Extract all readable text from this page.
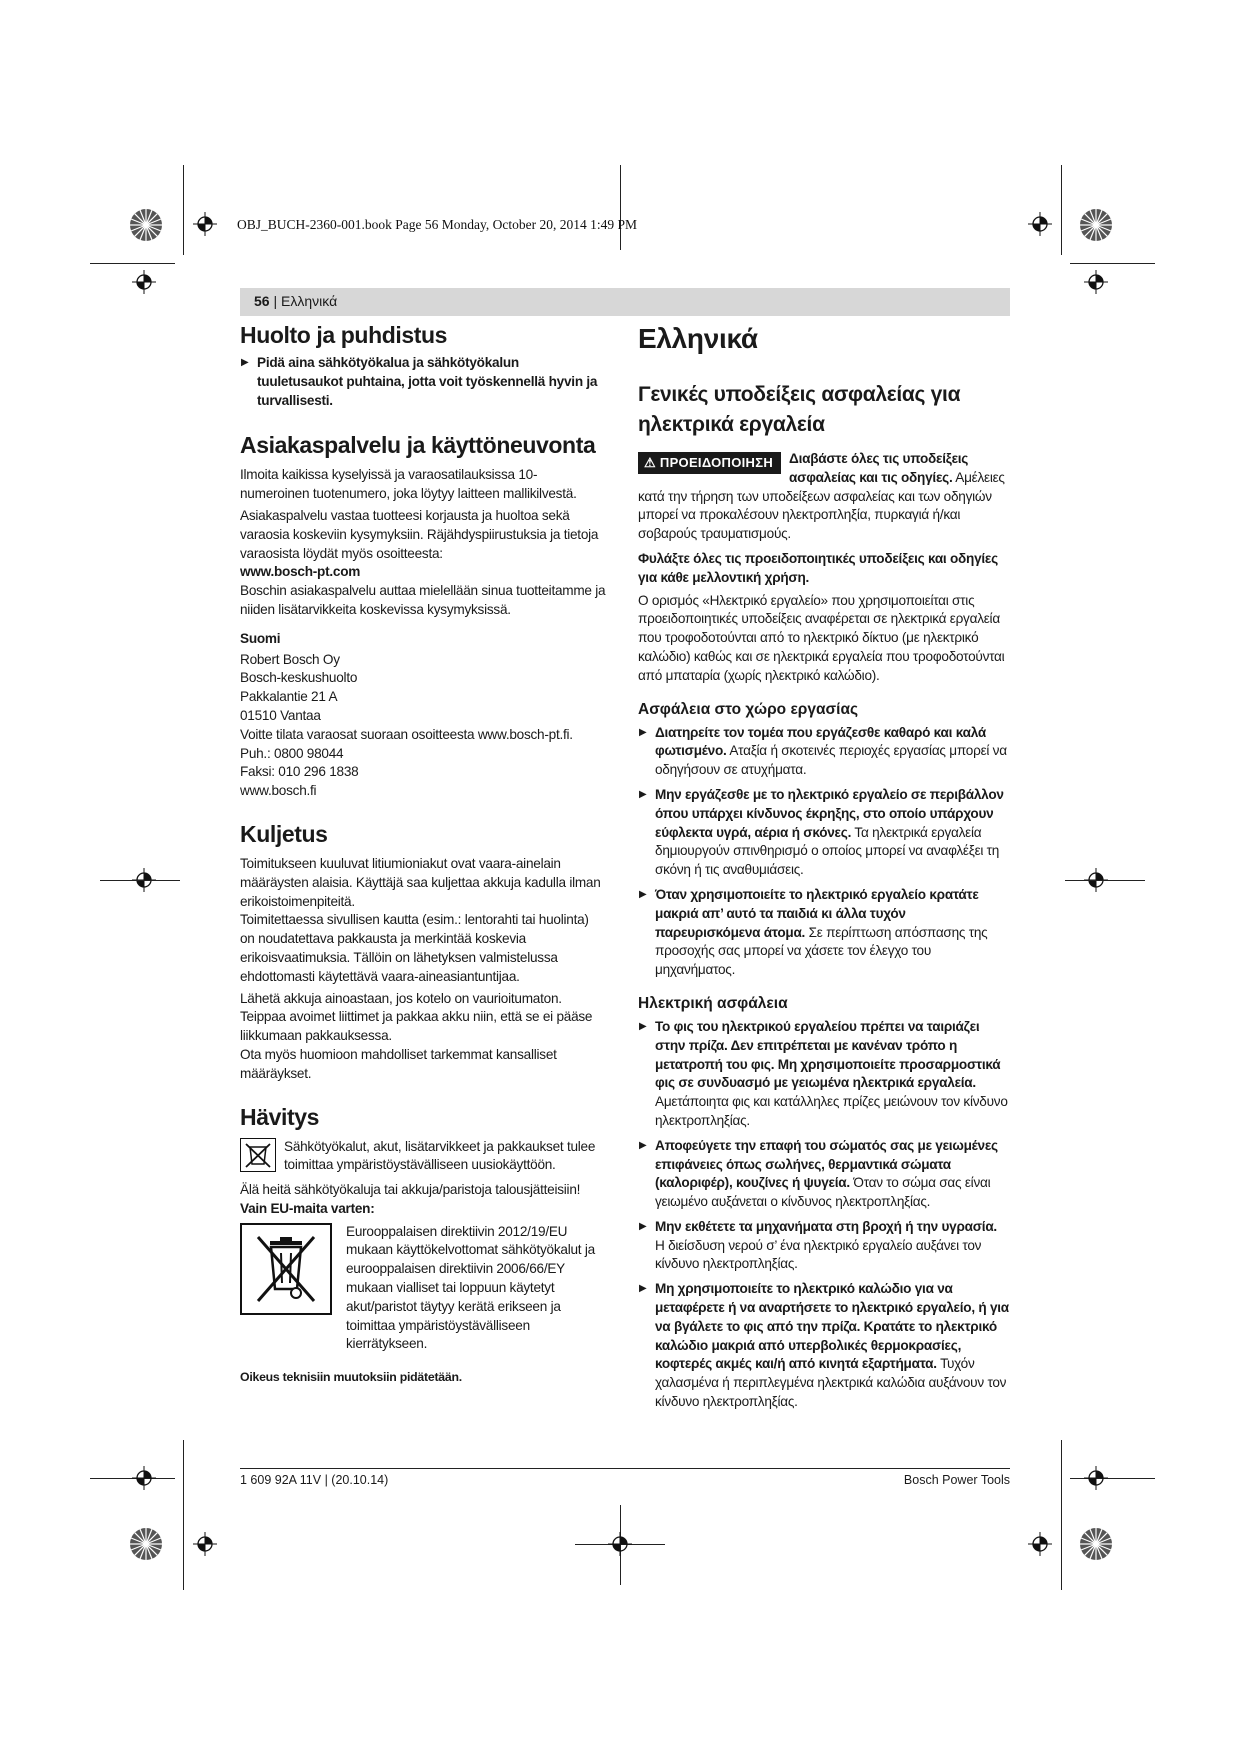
OBJ_BUCH-2360-001.book Page 56 Monday, October 20, 2014 1:49 PM
56 | Ελληνικά
Huolto ja puhdistus
▶ Pidä aina sähkötyökalua ja sähkötyökalun tuuletusaukot puhtaina, jotta voit työskennellä hyvin ja turvallisesti.
Asiakaspalvelu ja käyttöneuvonta

Ilmoita kaikissa kyselyissä ja varaosatilauksissa 10-numeroinen tuotenumero, joka löytyy laitteen mallikilvestä.

Asiakaspalvelu vastaa tuotteesi korjausta ja huoltoa sekä varaosia koskeviin kysymyksiin. Räjähdyspiirustuksia ja tietoja varaosista löydät myös osoitteesta:

www.bosch-pt.com

Boschin asiakaspalvelu auttaa mielellään sinua tuotteitamme ja niiden lisätarvikkeita koskevissa kysymyksissä.

Suomi

Robert Bosch Oy

Bosch-keskushuolto

Pakkalantie 21 A

01510 Vantaa

Voitte tilata varaosat suoraan osoitteesta www.bosch-pt.fi.

Puh.: 0800 98044

Faksi: 010 296 1838

www.bosch.fi

Kuljetus

Toimitukseen kuuluvat litiumioniakut ovat vaara-ainelain määräysten alaisia. Käyttäjä saa kuljettaa akkuja kadulla ilman erikoistoimenpiteitä.

Toimitettaessa sivullisen kautta (esim.: lentorahti tai huolinta) on noudatettava pakkausta ja merkintää koskevia erikoisvaatimuksia. Tällöin on lähetyksen valmistelussa ehdottomasti käytettävä vaara-aineasiantuntijaa.

Lähetä akkuja ainoastaan, jos kotelo on vaurioitumaton. Teippaa avoimet liittimet ja pakkaa akku niin, että se ei pääse liikkumaan pakkauksessa.

Ota myös huomioon mahdolliset tarkemmat kansalliset määräykset.

Hävitys

Sähkötyökalut, akut, lisätarvikkeet ja pakkaukset tulee toimittaa ympäristöystävälliseen uusiokäyttöön.

Älä heitä sähkötyökaluja tai akkuja/paristoja talousjätteisiin!

Vain EU-maita varten:

Eurooppalaisen direktiivin 2012/19/EU mukaan käyttökelvottomat sähkötyökalut ja eurooppalaisen direktiivin 2006/66/EY mukaan vialliset tai loppuun käytetyt akut/paristot täytyy kerätä erikseen ja toimittaa ympäristöystävälliseen kierrätykseen.

Oikeus teknisiin muutoksiin pidätetään.

Ελληνικά
Γενικές υποδείξεις ασφαλείας για ηλεκτρικά εργαλεία
⚠ ΠΡΟΕΙΔΟΠΟΙΗΣΗ	Διαβάστε όλες τις υποδείξεις ασφαλείας και τις οδηγίες. Αμέλειες κατά την τήρηση των υποδείξεων ασφαλείας και των οδηγιών μπορεί να προκαλέσουν ηλεκτροπληξία, πυρκαγιά ή/και σοβαρούς τραυματισμούς.

Φυλάξτε όλες τις προειδοποιητικές υποδείξεις και οδηγίες για κάθε μελλοντική χρήση.

Ο ορισμός «Ηλεκτρικό εργαλείο» που χρησιμοποιείται στις προειδοποιητικές υποδείξεις αναφέρεται σε ηλεκτρικά εργαλεία που τροφοδοτούνται από το ηλεκτρικό δίκτυο (με ηλεκτρικό καλώδιο) καθώς και σε ηλεκτρικά εργαλεία που τροφοδοτούνται από μπαταρία (χωρίς ηλεκτρικό καλώδιο).

Ασφάλεια στο χώρο εργασίας
▶ Διατηρείτε τον τομέα που εργάζεσθε καθαρό και καλά φωτισμένο. Αταξία ή σκοτεινές περιοχές εργασίας μπορεί να οδηγήσουν σε ατυχήματα.
▶ Μην εργάζεσθε με το ηλεκτρικό εργαλείο σε περιβάλλον όπου υπάρχει κίνδυνος έκρηξης, στο οποίο υπάρχουν εύφλεκτα υγρά, αέρια ή σκόνες. Τα ηλεκτρικά εργαλεία δημιουργούν σπινθηρισμό ο οποίος μπορεί να αναφλέξει τη σκόνη ή τις αναθυμιάσεις.
▶ Όταν χρησιμοποιείτε το ηλεκτρικό εργαλείο κρατάτε μακριά απ’ αυτό τα παιδιά κι άλλα τυχόν παρευρισκόμενα άτομα. Σε περίπτωση απόσπασης της προσοχής σας μπορεί να χάσετε τον έλεγχο του μηχανήματος.
Ηλεκτρική ασφάλεια
▶ Το φις του ηλεκτρικού εργαλείου πρέπει να ταιριάζει στην πρίζα. Δεν επιτρέπεται με κανέναν τρόπο η μετατροπή του φις. Μη χρησιμοποιείτε προσαρμοστικά φις σε συνδυασμό με γειωμένα ηλεκτρικά εργαλεία. Αμετάποιητα φις και κατάλληλες πρίζες μειώνουν τον κίνδυνο ηλεκτροπληξίας.
▶ Αποφεύγετε την επαφή του σώματός σας με γειωμένες επιφάνειες όπως σωλήνες, θερμαντικά σώματα (καλοριφέρ), κουζίνες ή ψυγεία. Όταν το σώμα σας είναι γειωμένο αυξάνεται ο κίνδυνος ηλεκτροπληξίας.
▶ Μην εκθέτετε τα μηχανήματα στη βροχή ή την υγρασία. Η διείσδυση νερού σ’ ένα ηλεκτρικό εργαλείο αυξάνει τον κίνδυνο ηλεκτροπληξίας.
▶ Μη χρησιμοποιείτε το ηλεκτρικό καλώδιο για να μεταφέρετε ή να αναρτήσετε το ηλεκτρικό εργαλείο, ή για να βγάλετε το φις από την πρίζα. Κρατάτε το ηλεκτρικό καλώδιο μακριά από υπερβολικές θερμοκρασίες, κοφτερές ακμές και/ή από κινητά εξαρτήματα. Τυχόν χαλασμένα ή περιπλεγμένα ηλεκτρικά καλώδια αυξάνουν τον κίνδυνο ηλεκτροπληξίας.
1 609 92A 11V | (20.10.14)	Bosch Power Tools
